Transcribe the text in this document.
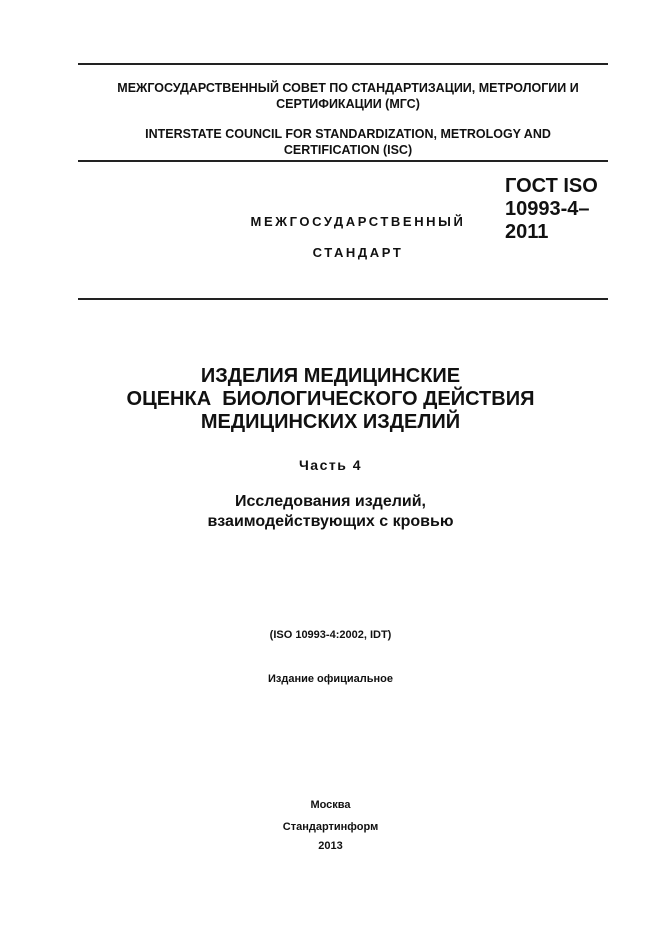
МЕЖГОСУДАРСТВЕННЫЙ СОВЕТ ПО СТАНДАРТИЗАЦИИ, МЕТРОЛОГИИ И
СЕРТИФИКАЦИИ (МГС)
INTERSTATE COUNCIL FOR STANDARDIZATION, METROLOGY AND
CERTIFICATION (ISC)
МЕЖГОСУДАРСТВЕННЫЙ
СТАНДАРТ
ГОСТ ISO
10993-4–
2011
ИЗДЕЛИЯ МЕДИЦИНСКИЕ
ОЦЕНКА  БИОЛОГИЧЕСКОГО ДЕЙСТВИЯ
МЕДИЦИНСКИХ ИЗДЕЛИЙ
Часть 4
Исследования изделий,
взаимодействующих с кровью
(ISO 10993-4:2002, IDT)
Издание официальное
Москва
Стандартинформ
2013
